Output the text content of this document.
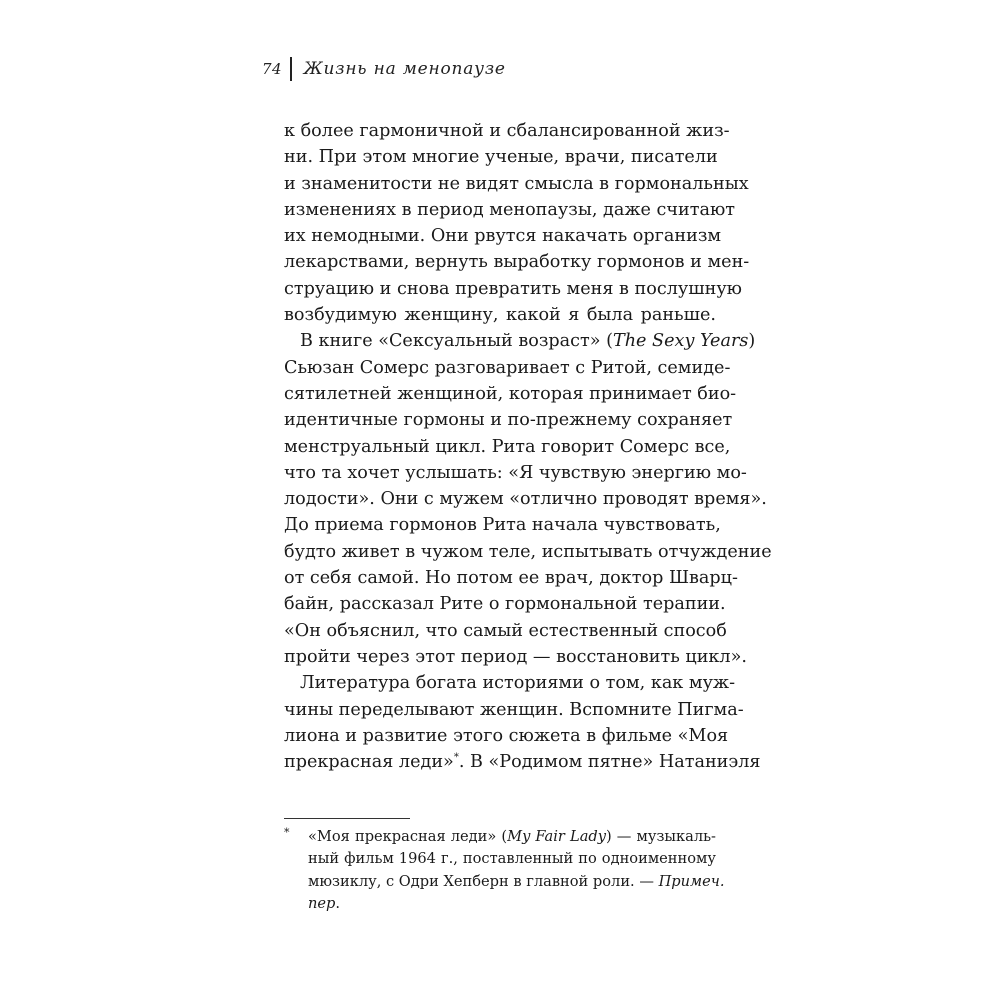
74 Жизнь на менопаузе
к более гармоничной и сбалансированной жиз-
ни. При этом многие ученые, врачи, писатели
и знаменитости не видят смысла в гормональных
изменениях в период менопаузы, даже считают
их немодными. Они рвутся накачать организм
лекарствами, вернуть выработку гормонов и мен-
струацию и снова превратить меня в послушную
возбудимую женщину, какой я была раньше.
В книге «Сексуальный возраст» (The Sexy Years)
Сьюзан Сомерс разговаривает с Ритой, семиде-
сятилетней женщиной, которая принимает био-
идентичные гормоны и по-прежнему сохраняет
менструальный цикл. Рита говорит Сомерс все,
что та хочет услышать: «Я чувствую энергию мо-
лодости». Они с мужем «отлично проводят время».
До приема гормонов Рита начала чувствовать,
будто живет в чужом теле, испытывать отчуждение
от себя самой. Но потом ее врач, доктор Шварц-
байн, рассказал Рите о гормональной терапии.
«Он объяснил, что самый естественный способ
пройти через этот период — восстановить цикл».
Литература богата историями о том, как муж-
чины переделывают женщин. Вспомните Пигма-
лиона и развитие этого сюжета в фильме «Моя
прекрасная леди»*. В «Родимом пятне» Натаниэля
*	«Моя прекрасная леди» (My Fair Lady) — музыкаль-
ный фильм 1964 г., поставленный по одноименному
мюзиклу, с Одри Хепберн в главной роли. — Примеч.
пер.
